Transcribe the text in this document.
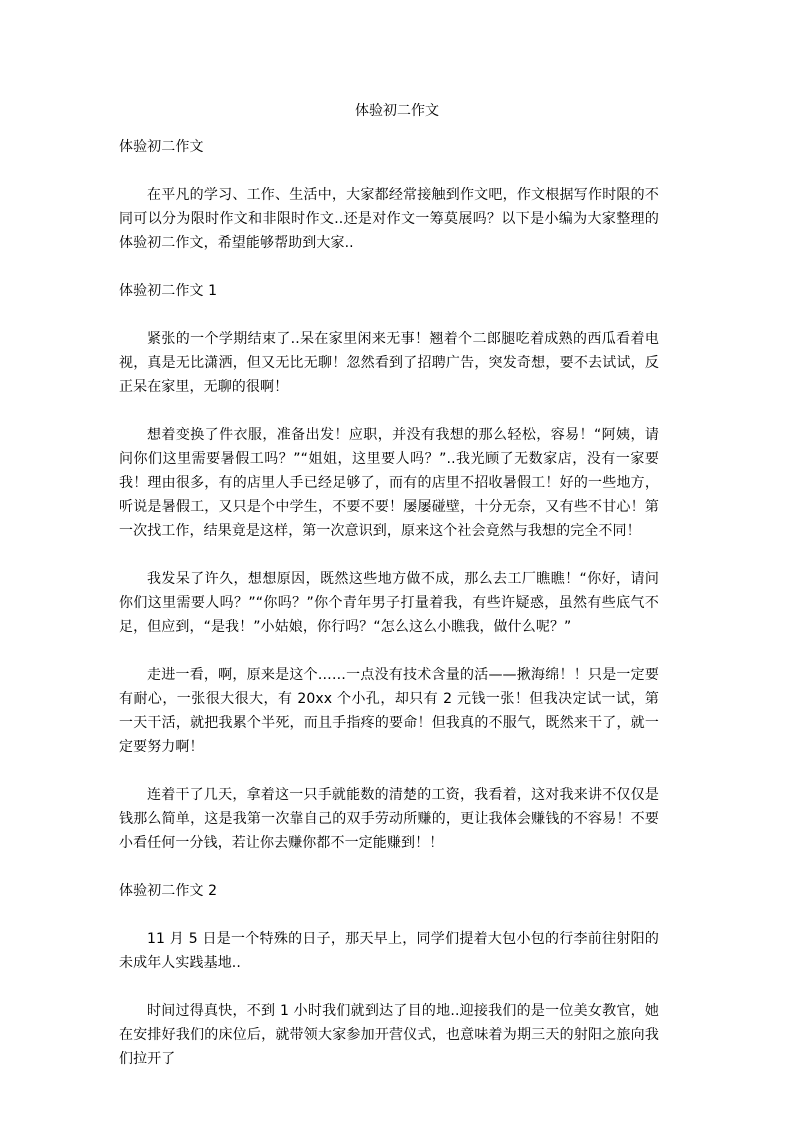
体验初二作文

体验初二作文

在平凡的学习、工作、生活中，大家都经常接触到作文吧，作文根据写作时限的不同可以分为限时作文和非限时作文..还是对作文一筹莫展吗？以下是小编为大家整理的体验初二作文，希望能够帮助到大家..

体验初二作文 1

紧张的一个学期结束了..呆在家里闲来无事！翘着个二郎腿吃着成熟的西瓜看着电视，真是无比潇洒，但又无比无聊！忽然看到了招聘广告，突发奇想，要不去试试，反正呆在家里，无聊的很啊！

想着变换了件衣服，准备出发！应职，并没有我想的那么轻松，容易！“阿姨，请问你们这里需要暑假工吗？”“姐姐，这里要人吗？”..我光顾了无数家店，没有一家要我！理由很多，有的店里人手已经足够了，而有的店里不招收暑假工！好的一些地方，听说是暑假工，又只是个中学生，不要不要！屡屡碰壁，十分无奈，又有些不甘心！第一次找工作，结果竟是这样，第一次意识到，原来这个社会竟然与我想的完全不同！

我发呆了许久，想想原因，既然这些地方做不成，那么去工厂瞧瞧！“你好，请问你们这里需要人吗？”“你吗？”你个青年男子打量着我，有些许疑惑，虽然有些底气不足，但应到，“是我！”小姑娘，你行吗？“怎么这么小瞧我，做什么呢？”

走进一看，啊，原来是这个……一点没有技术含量的活——揪海绵！！只是一定要有耐心，一张很大很大，有 20xx 个小孔，却只有 2 元钱一张！但我决定试一试，第一天干活，就把我累个半死，而且手指疼的要命！但我真的不服气，既然来干了，就一定要努力啊！

连着干了几天，拿着这一只手就能数的清楚的工资，我看着，这对我来讲不仅仅是钱那么简单，这是我第一次靠自己的双手劳动所赚的，更让我体会赚钱的不容易！不要小看任何一分钱，若让你去赚你都不一定能赚到！！

体验初二作文 2

11 月 5 日是一个特殊的日子，那天早上，同学们提着大包小包的行李前往射阳的未成年人实践基地..

时间过得真快，不到 1 小时我们就到达了目的地..迎接我们的是一位美女教官，她在安排好我们的床位后，就带领大家参加开营仪式，也意味着为期三天的射阳之旅向我们拉开了
